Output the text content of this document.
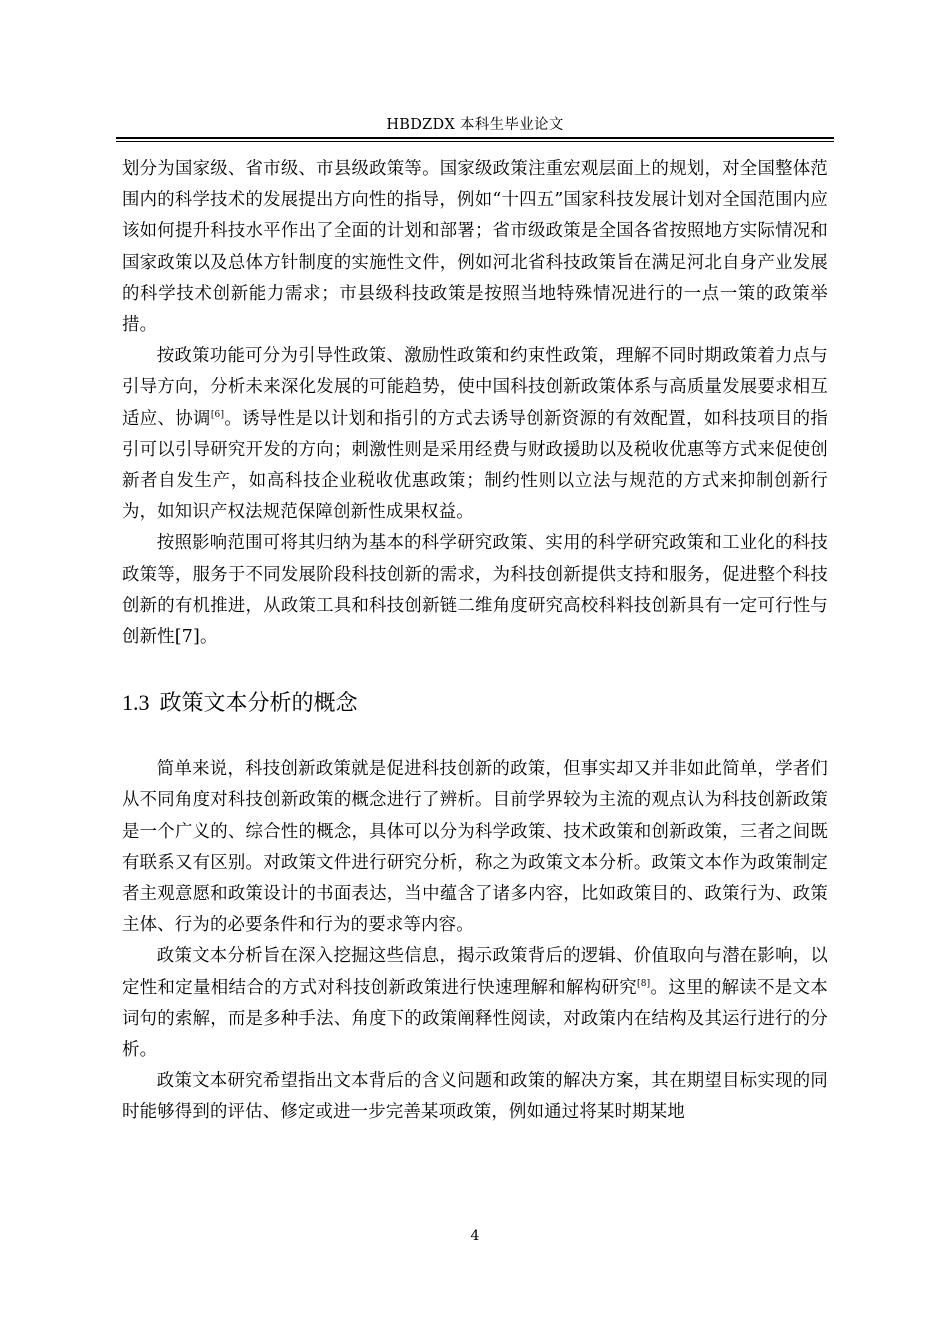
HBDZDX 本科生毕业论文

划分为国家级、省市级、市县级政策等。国家级政策注重宏观层面上的规划，对全国整体范围内的科学技术的发展提出方向性的指导，例如“十四五”国家科技发展计划对全国范围内应该如何提升科技水平作出了全面的计划和部署；省市级政策是全国各省按照地方实际情况和国家政策以及总体方针制度的实施性文件，例如河北省科技政策旨在满足河北自身产业发展的科学技术创新能力需求；市县级科技政策是按照当地特殊情况进行的一点一策的政策举措。

按政策功能可分为引导性政策、激励性政策和约束性政策，理解不同时期政策着力点与引导方向，分析未来深化发展的可能趋势，使中国科技创新政策体系与高质量发展要求相互适应、协调[6]。诱导性是以计划和指引的方式去诱导创新资源的有效配置，如科技项目的指引可以引导研究开发的方向；刺激性则是采用经费与财政援助以及税收优惠等方式来促使创新者自发生产，如高科技企业税收优惠政策；制约性则以立法与规范的方式来抑制创新行为，如知识产权法规范保障创新性成果权益。

按照影响范围可将其归纳为基本的科学研究政策、实用的科学研究政策和工业化的科技政策等，服务于不同发展阶段科技创新的需求，为科技创新提供支持和服务，促进整个科技创新的有机推进，从政策工具和科技创新链二维角度研究高校科料技创新具有一定可行性与创新性[7]。

1.3 政策文本分析的概念

简单来说，科技创新政策就是促进科技创新的政策，但事实却又并非如此简单，学者们从不同角度对科技创新政策的概念进行了辨析。目前学界较为主流的观点认为科技创新政策是一个广义的、综合性的概念，具体可以分为科学政策、技术政策和创新政策，三者之间既有联系又有区别。对政策文件进行研究分析，称之为政策文本分析。政策文本作为政策制定者主观意愿和政策设计的书面表达，当中蕴含了诸多内容，比如政策目的、政策行为、政策主体、行为的必要条件和行为的要求等内容。

政策文本分析旨在深入挖掘这些信息，揭示政策背后的逻辑、价值取向与潜在影响，以定性和定量相结合的方式对科技创新政策进行快速理解和解构研究[8]。这里的解读不是文本词句的索解，而是多种手法、角度下的政策阐释性阅读，对政策内在结构及其运行进行的分析。

政策文本研究希望指出文本背后的含义问题和政策的解决方案，其在期望目标实现的同时能够得到的评估、修定或进一步完善某项政策，例如通过将某时期某地

4
